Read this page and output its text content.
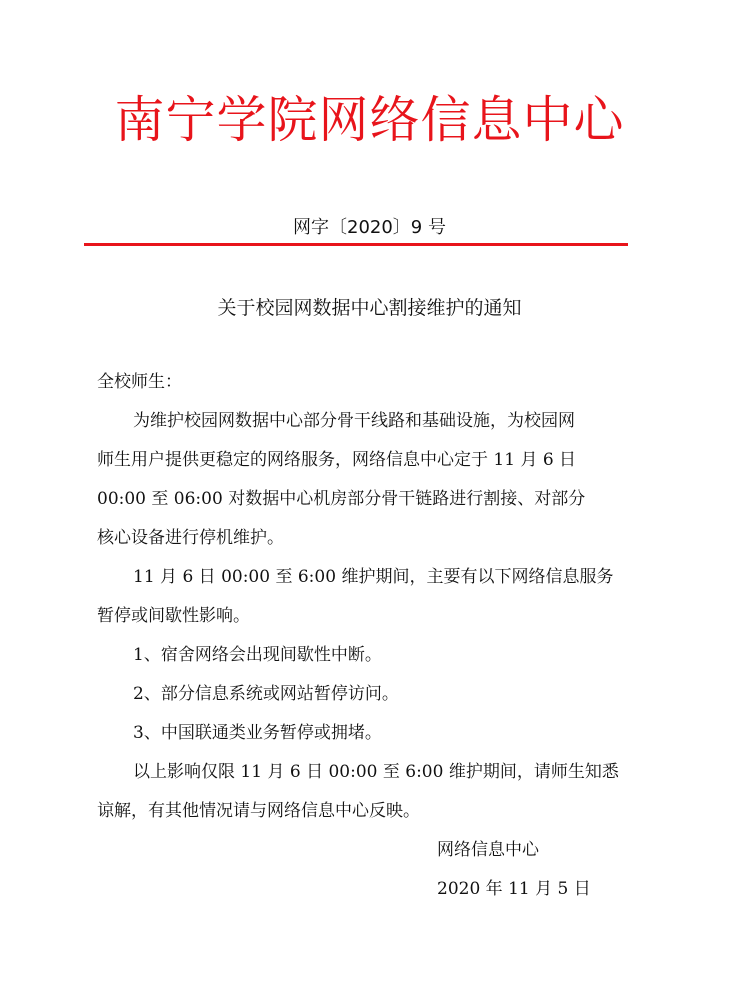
南宁学院网络信息中心
网字〔2020〕9 号
关于校园网数据中心割接维护的通知
全校师生：
为维护校园网数据中心部分骨干线路和基础设施，为校园网
师生用户提供更稳定的网络服务，网络信息中心定于 11 月 6 日
00:00 至 06:00 对数据中心机房部分骨干链路进行割接、对部分
核心设备进行停机维护。
11 月 6 日 00:00 至 6:00 维护期间，主要有以下网络信息服务
暂停或间歇性影响。
1、宿舍网络会出现间歇性中断。
2、部分信息系统或网站暂停访问。
3、中国联通类业务暂停或拥堵。
以上影响仅限 11 月 6 日 00:00 至 6:00 维护期间，请师生知悉
谅解，有其他情况请与网络信息中心反映。
网络信息中心
2020 年 11 月 5 日
